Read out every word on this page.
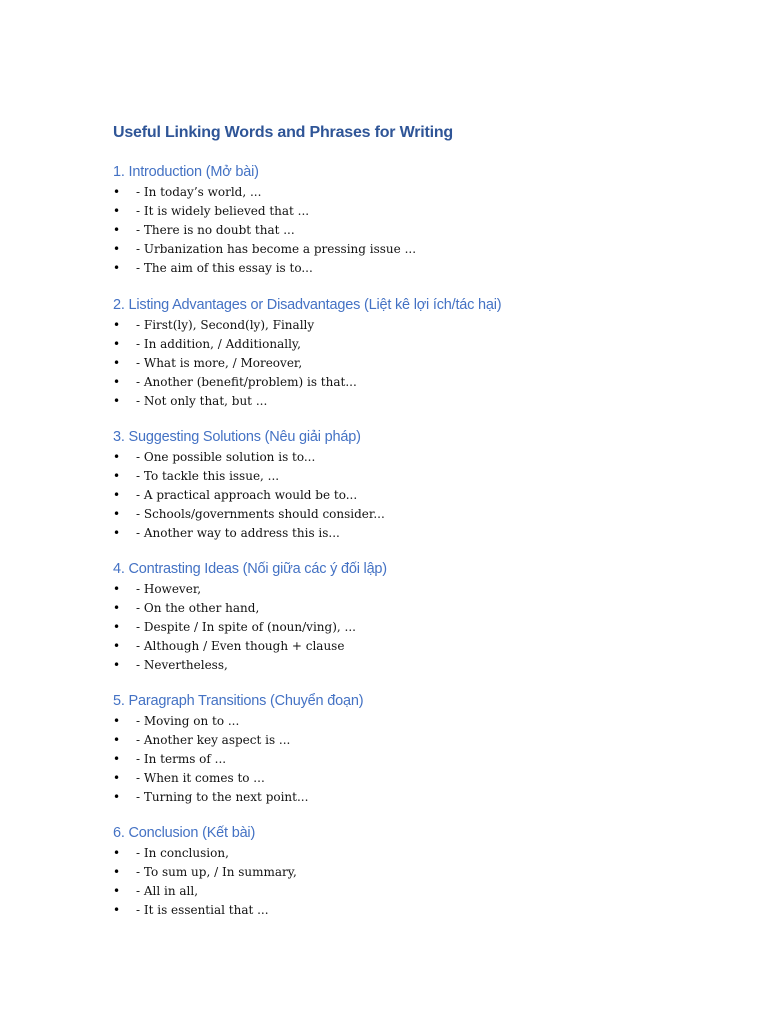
Useful Linking Words and Phrases for Writing
1. Introduction (Mở bài)
•	- In today’s world, ...
•	- It is widely believed that ...
•	- There is no doubt that ...
•	- Urbanization has become a pressing issue ...
•	- The aim of this essay is to...
2. Listing Advantages or Disadvantages (Liệt kê lợi ích/tác hại)
•	- First(ly), Second(ly), Finally
•	- In addition, / Additionally,
•	- What is more, / Moreover,
•	- Another (benefit/problem) is that...
•	- Not only that, but ...
3. Suggesting Solutions (Nêu giải pháp)
•	- One possible solution is to...
•	- To tackle this issue, ...
•	- A practical approach would be to...
•	- Schools/governments should consider...
•	- Another way to address this is...
4. Contrasting Ideas (Nối giữa các ý đối lập)
•	- However,
•	- On the other hand,
•	- Despite / In spite of (noun/ving), ...
•	- Although / Even though + clause
•	- Nevertheless,
5. Paragraph Transitions (Chuyển đoạn)
•	- Moving on to ...
•	- Another key aspect is ...
•	- In terms of ...
•	- When it comes to ...
•	- Turning to the next point...
6. Conclusion (Kết bài)
•	- In conclusion,
•	- To sum up, / In summary,
•	- All in all,
•	- It is essential that ...
